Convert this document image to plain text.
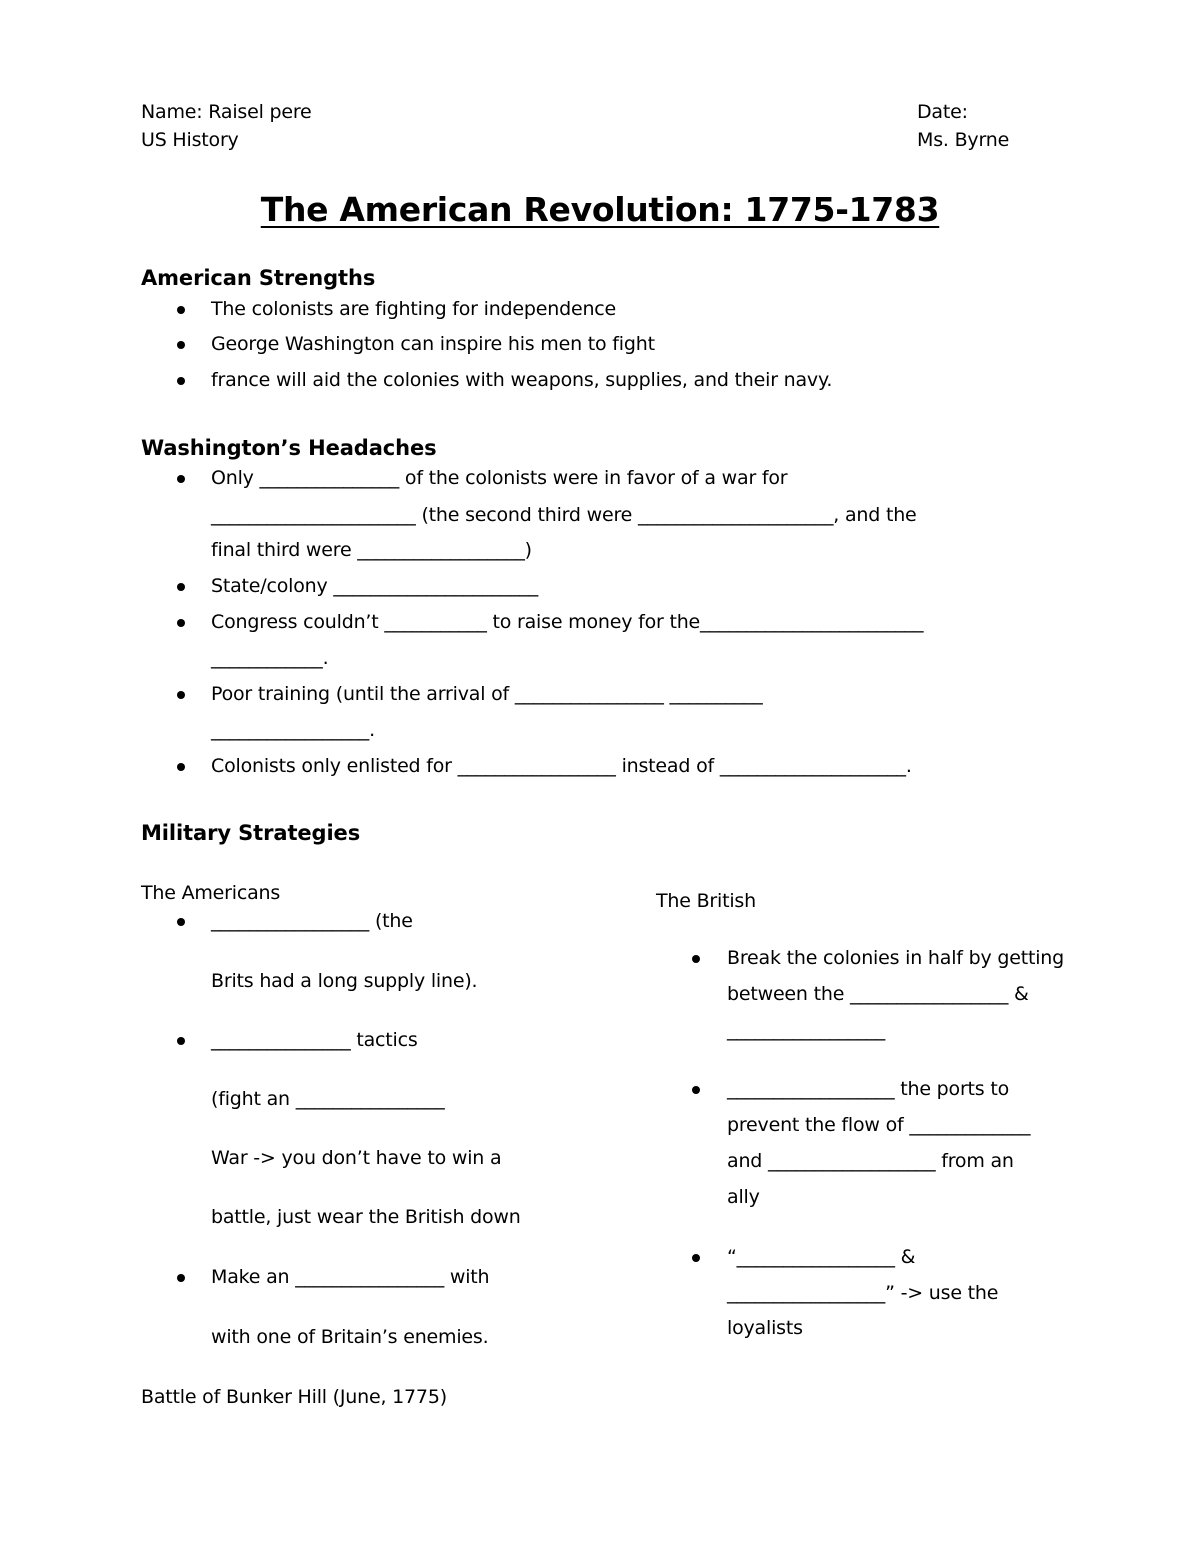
Name: Raisel pere
US History
Date:
Ms. Byrne
The American Revolution: 1775-1783
American Strengths
The colonists are fighting for independence
George Washington can inspire his men to fight
france will aid the colonies with weapons, supplies, and their navy.
Washington’s Headaches
Only _______________ of the colonists were in favor of a war for
______________________ (the second third were _____________________, and the
final third were __________________)
State/colony ______________________
Congress couldn’t ___________ to raise money for the________________________
____________.
Poor training (until the arrival of ________________ __________
_________________.
Colonists only enlisted for _________________ instead of ____________________.
Military Strategies
The Americans
_________________ (the
Brits had a long supply line).
_______________ tactics
(fight an ________________
War -> you don’t have to win a
battle, just wear the British down
Make an ________________ with
with one of Britain’s enemies.
The British
Break the colonies in half by getting
between the _________________ &
_________________
__________________ the ports to
prevent the flow of _____________
and __________________ from an
ally
“_________________ &
_________________” -> use the
loyalists
Battle of Bunker Hill (June, 1775)
